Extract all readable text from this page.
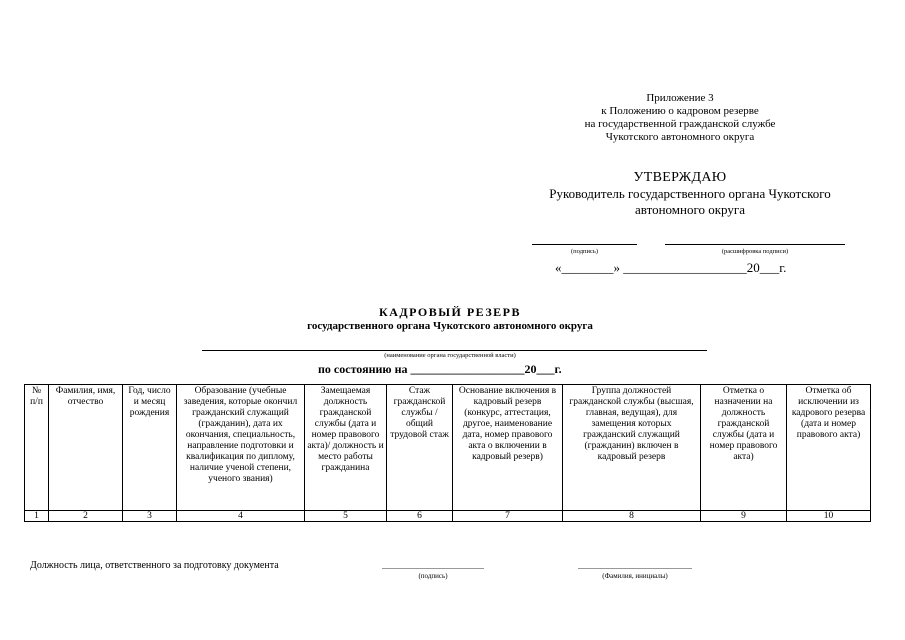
Приложение 3
к Положению о кадровом резерве
на государственной гражданской службе
Чукотского автономного округа
УТВЕРЖДАЮ
Руководитель государственного органа Чукотского
автономного округа
(подпись)	(расшифровка подписи)
«________» ___________________20___г.
КАДРОВЫЙ РЕЗЕРВ
государственного органа Чукотского автономного округа
(наименование органа государственной власти)
по состоянию на ___________________20___г.
№ п/п	Фамилия, имя, отчество	Год, число и месяц рождения	Образование (учебные заведения, которые окончил гражданский служащий (гражданин), дата их окончания, специальность, направление подготовки и квалификация по диплому, наличие ученой степени, ученого звания)	Замещаемая должность гражданской службы (дата и номер правового акта)/ должность и место работы гражданина	Стаж гражданской службы / общий трудовой стаж	Основание включения в кадровый резерв (конкурс, аттестация, другое, наименование дата, номер правового акта о включении в кадровый резерв)	Группа должностей гражданской службы (высшая, главная, ведущая), для замещения которых гражданский служащий (гражданин) включен в кадровый резерв	Отметка о назначении на должность гражданской службы (дата и номер правового акта)	Отметка об исключении из кадрового резерва (дата и номер правового акта)
1	2	3	4	5	6	7	8	9	10
Должность лица, ответственного за подготовку документа
(подпись)	(Фамилия, инициалы)
